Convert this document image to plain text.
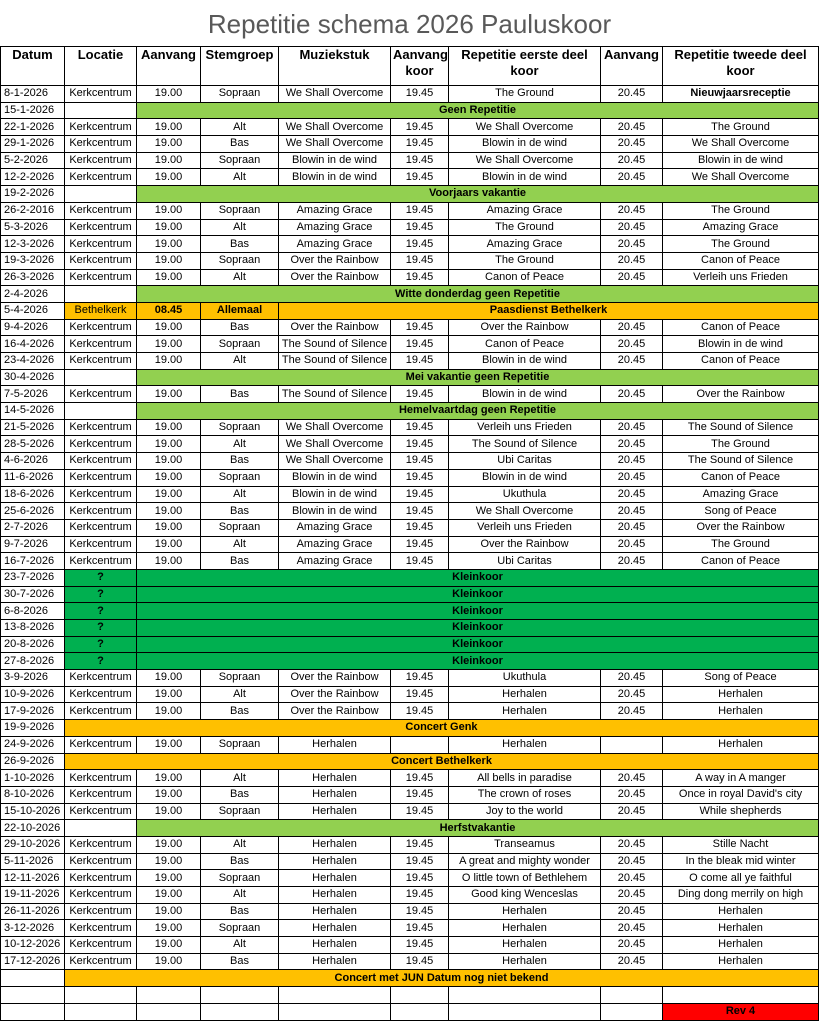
Repetitie schema 2026 Pauluskoor
Datum	Locatie	Aanvang	Stemgroep	Muziekstuk	Aanvang koor	Repetitie eerste deel koor	Aanvang	Repetitie tweede deel koor
8-1-2026	Kerkcentrum	19.00	Sopraan	We Shall Overcome	19.45	The Ground	20.45	Nieuwjaarsreceptie
15-1-2026		Geen Repetitie						
22-1-2026	Kerkcentrum	19.00	Alt	We Shall Overcome	19.45	We Shall Overcome	20.45	The Ground
29-1-2026	Kerkcentrum	19.00	Bas	We Shall Overcome	19.45	Blowin in de wind	20.45	We Shall Overcome
5-2-2026	Kerkcentrum	19.00	Sopraan	Blowin in de wind	19.45	We Shall Overcome	20.45	Blowin in de wind
12-2-2026	Kerkcentrum	19.00	Alt	Blowin in de wind	19.45	Blowin in de wind	20.45	We Shall Overcome
19-2-2026		Voorjaars vakantie						
26-2-2016	Kerkcentrum	19.00	Sopraan	Amazing Grace	19.45	Amazing Grace	20.45	The Ground
5-3-2026	Kerkcentrum	19.00	Alt	Amazing Grace	19.45	The Ground	20.45	Amazing Grace
12-3-2026	Kerkcentrum	19.00	Bas	Amazing Grace	19.45	Amazing Grace	20.45	The Ground
19-3-2026	Kerkcentrum	19.00	Sopraan	Over the Rainbow	19.45	The Ground	20.45	Canon of Peace
26-3-2026	Kerkcentrum	19.00	Alt	Over the Rainbow	19.45	Canon of Peace	20.45	Verleih uns Frieden
2-4-2026		Witte donderdag geen Repetitie						
5-4-2026	Bethelkerk	08.45	Allemaal	Paasdienst Bethelkerk				
9-4-2026	Kerkcentrum	19.00	Bas	Over the Rainbow	19.45	Over the Rainbow	20.45	Canon of Peace
16-4-2026	Kerkcentrum	19.00	Sopraan	The Sound of Silence	19.45	Canon of Peace	20.45	Blowin in de wind
23-4-2026	Kerkcentrum	19.00	Alt	The Sound of Silence	19.45	Blowin in de wind	20.45	Canon of Peace
30-4-2026		Mei vakantie geen Repetitie						
7-5-2026	Kerkcentrum	19.00	Bas	The Sound of Silence	19.45	Blowin in de wind	20.45	Over the Rainbow
14-5-2026		Hemelvaartdag geen Repetitie						
21-5-2026	Kerkcentrum	19.00	Sopraan	We Shall Overcome	19.45	Verleih uns Frieden	20.45	The Sound of Silence
28-5-2026	Kerkcentrum	19.00	Alt	We Shall Overcome	19.45	The Sound of Silence	20.45	The Ground
4-6-2026	Kerkcentrum	19.00	Bas	We Shall Overcome	19.45	Ubi Caritas	20.45	The Sound of Silence
11-6-2026	Kerkcentrum	19.00	Sopraan	Blowin in de wind	19.45	Blowin in de wind	20.45	Canon of Peace
18-6-2026	Kerkcentrum	19.00	Alt	Blowin in de wind	19.45	Ukuthula	20.45	Amazing Grace
25-6-2026	Kerkcentrum	19.00	Bas	Blowin in de wind	19.45	We Shall Overcome	20.45	Song of Peace
2-7-2026	Kerkcentrum	19.00	Sopraan	Amazing Grace	19.45	Verleih uns Frieden	20.45	Over the Rainbow
9-7-2026	Kerkcentrum	19.00	Alt	Amazing Grace	19.45	Over the Rainbow	20.45	The Ground
16-7-2026	Kerkcentrum	19.00	Bas	Amazing Grace	19.45	Ubi Caritas	20.45	Canon of Peace
23-7-2026	?	Kleinkoor						
30-7-2026	?	Kleinkoor						
6-8-2026	?	Kleinkoor						
13-8-2026	?	Kleinkoor						
20-8-2026	?	Kleinkoor						
27-8-2026	?	Kleinkoor						
3-9-2026	Kerkcentrum	19.00	Sopraan	Over the Rainbow	19.45	Ukuthula	20.45	Song of Peace
10-9-2026	Kerkcentrum	19.00	Alt	Over the Rainbow	19.45	Herhalen	20.45	Herhalen
17-9-2026	Kerkcentrum	19.00	Bas	Over the Rainbow	19.45	Herhalen	20.45	Herhalen
19-9-2026	Concert Genk							
24-9-2026	Kerkcentrum	19.00	Sopraan	Herhalen		Herhalen		Herhalen
26-9-2026	Concert Bethelkerk							
1-10-2026	Kerkcentrum	19.00	Alt	Herhalen	19.45	All bells in paradise	20.45	A way in A manger
8-10-2026	Kerkcentrum	19.00	Bas	Herhalen	19.45	The crown of roses	20.45	Once in royal David's city
15-10-2026	Kerkcentrum	19.00	Sopraan	Herhalen	19.45	Joy to the world	20.45	While shepherds
22-10-2026		Herfstvakantie						
29-10-2026	Kerkcentrum	19.00	Alt	Herhalen	19.45	Transeamus	20.45	Stille Nacht
5-11-2026	Kerkcentrum	19.00	Bas	Herhalen	19.45	A great and mighty wonder	20.45	In the bleak mid winter
12-11-2026	Kerkcentrum	19.00	Sopraan	Herhalen	19.45	O little town of Bethlehem	20.45	O come all ye faithful
19-11-2026	Kerkcentrum	19.00	Alt	Herhalen	19.45	Good king Wenceslas	20.45	Ding dong merrily on high
26-11-2026	Kerkcentrum	19.00	Bas	Herhalen	19.45	Herhalen	20.45	Herhalen
3-12-2026	Kerkcentrum	19.00	Sopraan	Herhalen	19.45	Herhalen	20.45	Herhalen
10-12-2026	Kerkcentrum	19.00	Alt	Herhalen	19.45	Herhalen	20.45	Herhalen
17-12-2026	Kerkcentrum	19.00	Bas	Herhalen	19.45	Herhalen	20.45	Herhalen
	Concert met JUN Datum nog niet bekend							

								Rev 4
